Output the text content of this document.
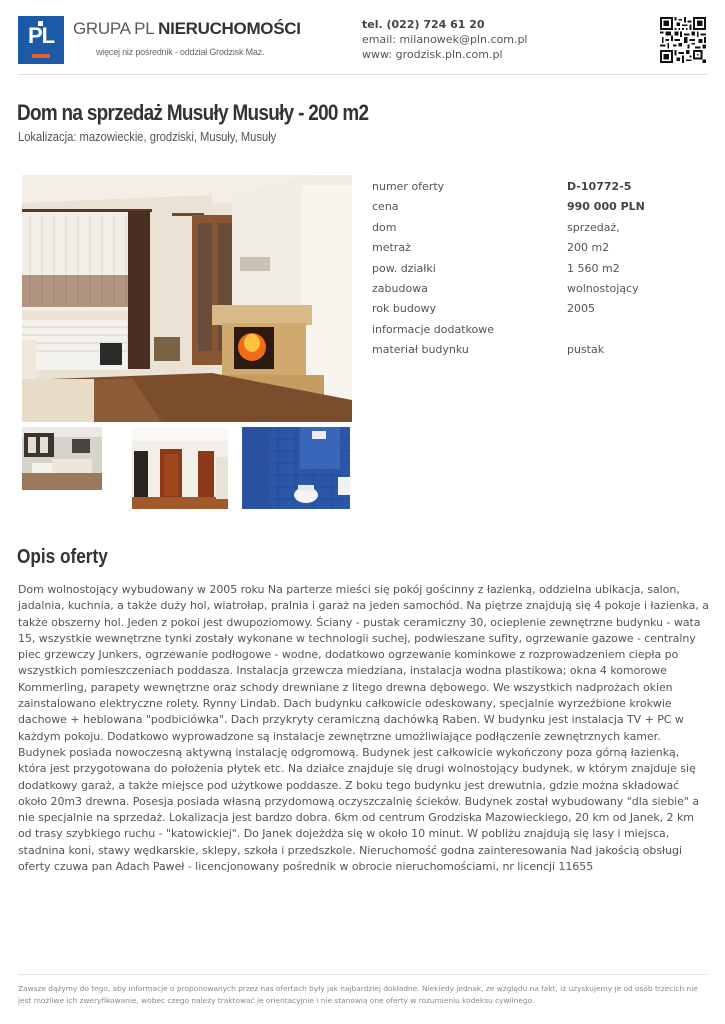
PL	GRUPA PL NIERUCHOMOŚCI
więcej niż pośrednik - oddział Grodzisk Maz.
tel. (022) 724 61 20
email: milanowek@pln.com.pl
www: grodzisk.pln.com.pl
Dom na sprzedaż Musuły Musuły - 200 m2
Lokalizacja: mazowieckie, grodziski, Musuły, Musuły
numer oferty	D-10772-5
cena	990 000 PLN
dom	sprzedaż,
metraż	200 m2
pow. działki	1 560 m2
zabudowa	wolnostojący
rok budowy	2005
informacje dodatkowe
materiał budynku	pustak
Opis oferty

Dom wolnostojący wybudowany w 2005 roku Na parterze mieści się pokój gościnny z łazienką, oddzielna ubikacja, salon, jadalnia, kuchnia, a także duży hol, wiatrołap, pralnia i garaż na jeden samochód. Na piętrze znajdują się 4 pokoje i łazienka, a także obszerny hol. Jeden z pokoi jest dwupoziomowy. Ściany - pustak ceramiczny 30, ocieplenie zewnętrzne budynku - wata 15, wszystkie wewnętrzne tynki zostały wykonane w technologii suchej, podwieszane sufity, ogrzewanie gazowe - centralny piec grzewczy Junkers, ogrzewanie podłogowe - wodne, dodatkowo ogrzewanie kominkowe z rozprowadzeniem ciepła po wszystkich pomieszczeniach poddasza. Instalacja grzewcza miedziana, instalacja wodna plastikowa; okna 4 komorowe Kommerling, parapety wewnętrzne oraz schody drewniane z litego drewna dębowego. We wszystkich nadprożach okien zainstalowano elektryczne rolety. Rynny Lindab. Dach budynku całkowicie odeskowany, specjalnie wyrzeźbione krokwie dachowe + heblowana "podbiciówka". Dach przykryty ceramiczną dachówką Raben. W budynku jest instalacja TV + PC w każdym pokoju. Dodatkowo wyprowadzone są instalacje zewnętrzne umożliwiające podłączenie zewnętrznych kamer. Budynek posiada nowoczesną aktywną instalację odgromową. Budynek jest całkowicie wykończony poza górną łazienką, która jest przygotowana do położenia płytek etc. Na działce znajduje się drugi wolnostojący budynek, w którym znajduje się dodatkowy garaż, a także miejsce pod użytkowe poddasze. Z boku tego budynku jest drewutnia, gdzie można składować około 20m3 drewna. Posesja posiada własną przydomową oczyszczalnię ścieków. Budynek został wybudowany "dla siebie" a nie specjalnie na sprzedaż. Lokalizacja jest bardzo dobra. 6km od centrum Grodziska Mazowieckiego, 20 km od Janek, 2 km od trasy szybkiego ruchu - "katowickiej". Do Janek dojeżdża się w około 10 minut. W pobliżu znajdują się lasy i miejsca, stadnina koni, stawy wędkarskie, sklepy, szkoła i przedszkole. Nieruchomość godna zainteresowania Nad jakością obsługi oferty czuwa pan Adach Paweł - licencjonowany pośrednik w obrocie nieruchomościami, nr licencji 11655

Zawsze dążymy do tego, aby informacje o proponowanych przez nas ofertach były jak najbardziej dokładne. Niekiedy jednak, ze względu na fakt, iż uzyskujemy je od osób trzecich nie jest możliwe ich zweryfikowanie, wobec czego należy traktować je orientacyjnie i nie stanowią one oferty w rozumieniu kodeksu cywilnego.
